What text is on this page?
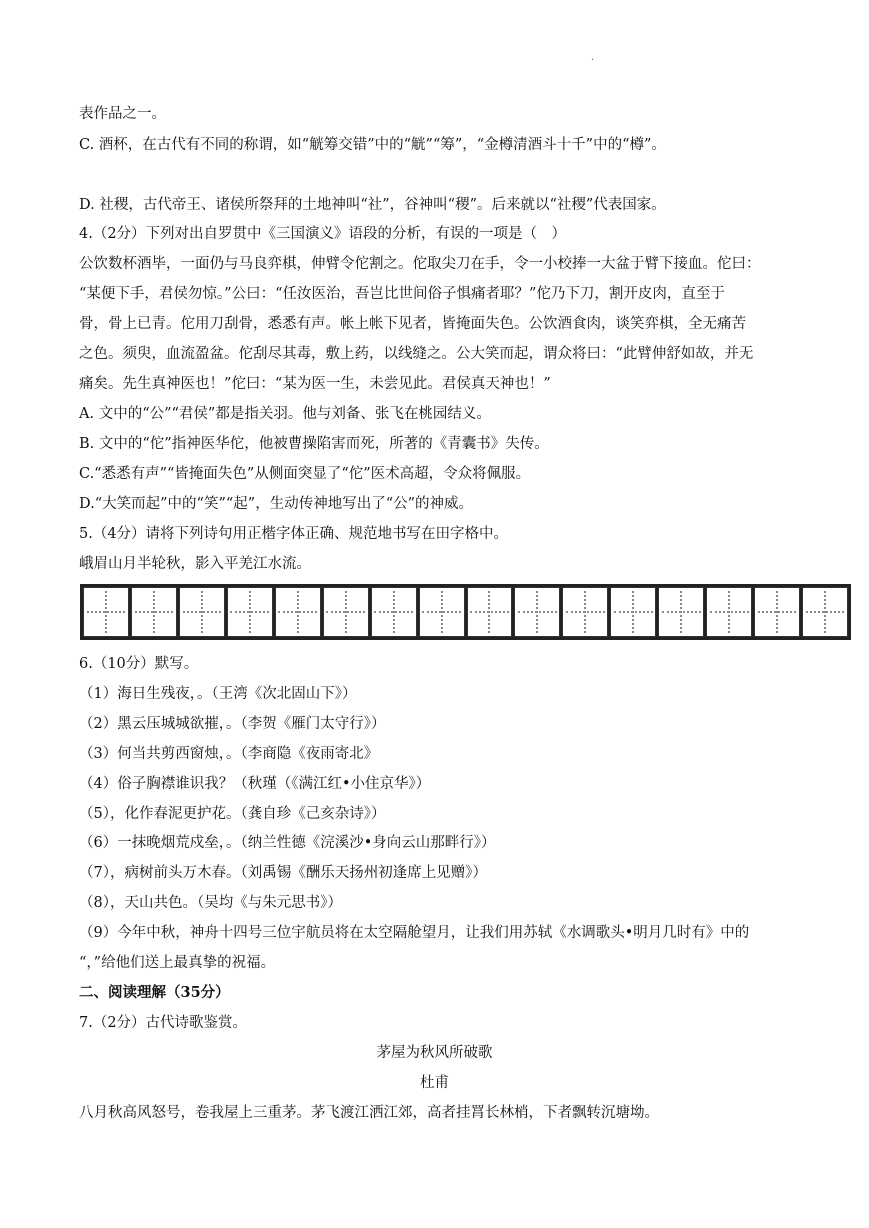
.
表作品之一。
C. 酒杯，在古代有不同的称谓，如“觥筹交错”中的“觥”“筹”，“金樽清酒斗十千”中的“樽”。
D. 社稷，古代帝王、诸侯所祭拜的土地神叫“社”，谷神叫“稷”。后来就以“社稷”代表国家。
4.（2分）下列对出自罗贯中《三国演义》语段的分析，有误的一项是（　）
公饮数杯酒毕，一面仍与马良弈棋，伸臂令佗割之。佗取尖刀在手，令一小校捧一大盆于臂下接血。佗曰：
“某便下手，君侯勿惊。”公曰：“任汝医治，吾岂比世间俗子惧痛者耶？”佗乃下刀，割开皮肉，直至于
骨，骨上已青。佗用刀刮骨，悉悉有声。帐上帐下见者，皆掩面失色。公饮酒食肉，谈笑弈棋，全无痛苦
之色。须臾，血流盈盆。佗刮尽其毒，敷上药，以线缝之。公大笑而起，谓众将曰：“此臂伸舒如故，并无
痛矣。先生真神医也！”佗曰：“某为医一生，未尝见此。君侯真天神也！”
A. 文中的“公”“君侯”都是指关羽。他与刘备、张飞在桃园结义。
B. 文中的“佗”指神医华佗，他被曹操陷害而死，所著的《青囊书》失传。
C.“悉悉有声”“皆掩面失色”从侧面突显了“佗”医术高超，令众将佩服。
D.“大笑而起”中的“笑”“起”，生动传神地写出了“公”的神威。
5.（4分）请将下列诗句用正楷字体正确、规范地书写在田字格中。
峨眉山月半轮秋，影入平羌江水流。
6.（10分）默写。
（1）海日生残夜，。（王湾《次北固山下》）
（2）黑云压城城欲摧，。（李贺《雁门太守行》）
（3）何当共剪西窗烛，。（李商隐《夜雨寄北》
（4）俗子胸襟谁识我？（秋瑾（《满江红•小住京华》）
（5），化作春泥更护花。（龚自珍《己亥杂诗》）
（6）一抹晚烟荒戍垒，。（纳兰性德《浣溪沙•身向云山那畔行》）
（7），病树前头万木春。（刘禹锡《酬乐天扬州初逢席上见赠》）
（8），天山共色。（吴均《与朱元思书》）
（9）今年中秋，神舟十四号三位宇航员将在太空隔舱望月，让我们用苏轼《水调歌头•明月几时有》中的
“，”给他们送上最真挚的祝福。
二、阅读理解（35分）
7.（2分）古代诗歌鉴赏。
茅屋为秋风所破歌
杜甫
八月秋高风怒号，卷我屋上三重茅。茅飞渡江洒江郊，高者挂罥长林梢，下者飘转沉塘坳。
